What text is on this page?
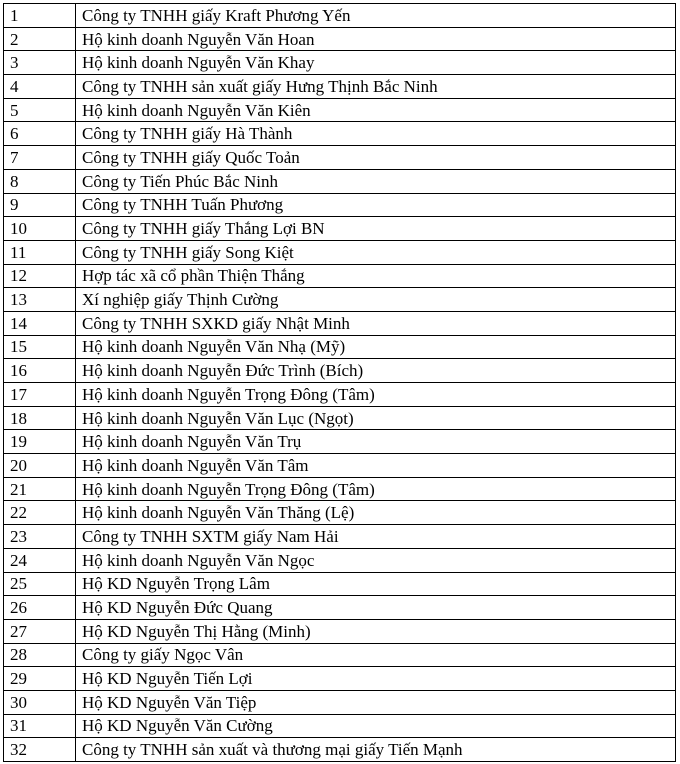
1	Công ty TNHH giấy Kraft Phương Yến
2	Hộ kinh doanh Nguyễn Văn Hoan
3	Hộ kinh doanh Nguyễn Văn Khay
4	Công ty TNHH sản xuất giấy Hưng Thịnh Bắc Ninh
5	Hộ kinh doanh Nguyễn Văn Kiên
6	Công ty TNHH giấy Hà Thành
7	Công ty TNHH giấy Quốc Toản
8	Công ty Tiến Phúc Bắc Ninh
9	Công ty TNHH Tuấn Phương
10	Công ty TNHH giấy Thắng Lợi BN
11	Công ty TNHH giấy Song Kiệt
12	Hợp tác xã cổ phần Thiện Thắng
13	Xí nghiệp giấy Thịnh Cường
14	Công ty TNHH SXKD giấy Nhật Minh
15	Hộ kinh doanh Nguyễn Văn Nhạ (Mỹ)
16	Hộ kinh doanh Nguyễn Đức Trình (Bích)
17	Hộ kinh doanh Nguyễn Trọng Đông (Tâm)
18	Hộ kinh doanh Nguyễn Văn Lục (Ngọt)
19	Hộ kinh doanh Nguyễn Văn Trụ
20	Hộ kinh doanh Nguyễn Văn Tâm
21	Hộ kinh doanh Nguyễn Trọng Đông (Tâm)
22	Hộ kinh doanh Nguyễn Văn Thăng (Lệ)
23	Công ty TNHH SXTM giấy Nam Hải
24	Hộ kinh doanh Nguyễn Văn Ngọc
25	Hộ KD Nguyễn Trọng Lâm
26	Hộ KD Nguyễn Đức Quang
27	Hộ KD Nguyễn Thị Hằng (Minh)
28	Công ty giấy Ngọc Vân
29	Hộ KD Nguyễn Tiến Lợi
30	Hộ KD Nguyễn Văn Tiệp
31	Hộ KD Nguyễn Văn Cường
32	Công ty TNHH sản xuất và thương mại giấy Tiến Mạnh
